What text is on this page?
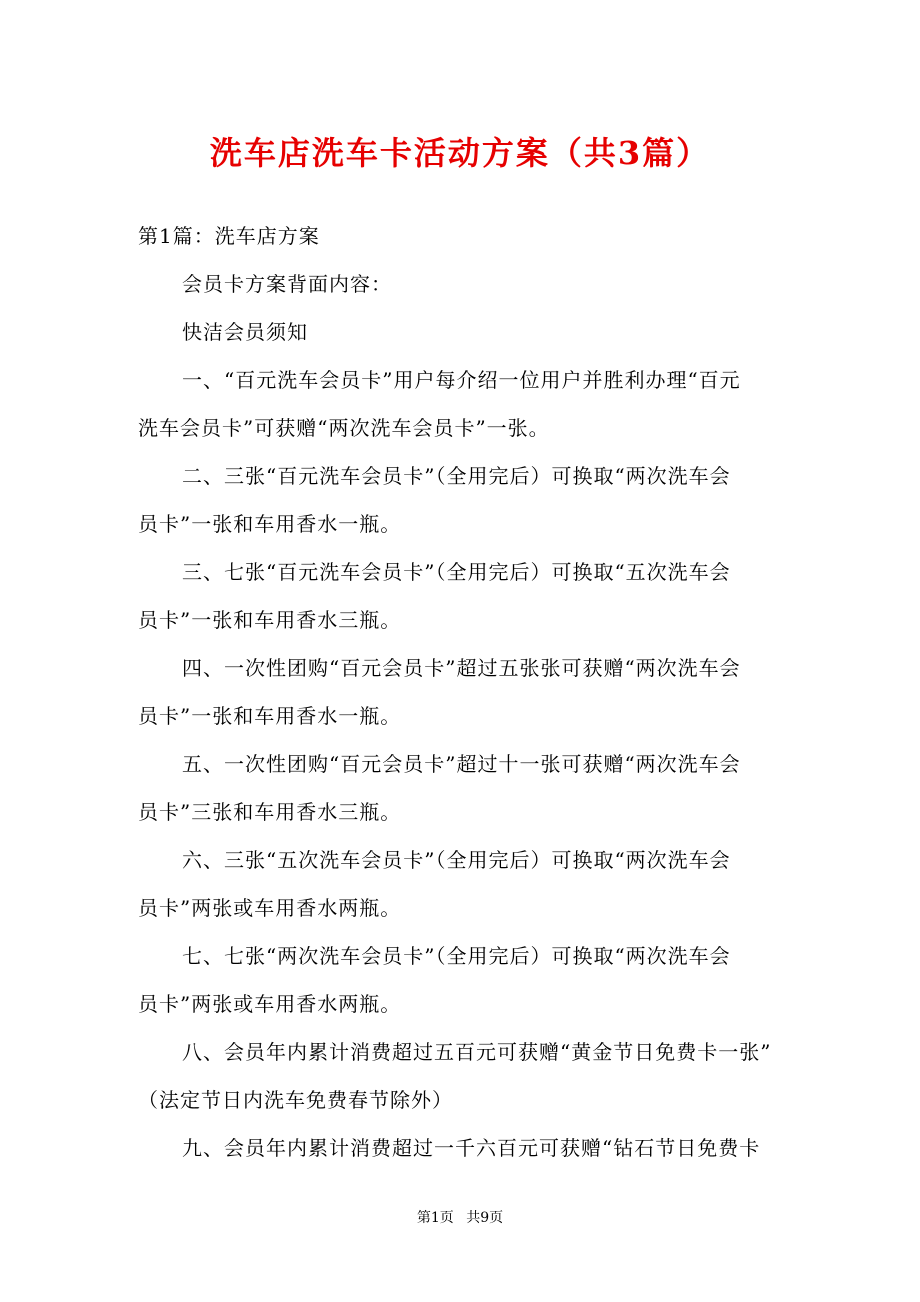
洗车店洗车卡活动方案（共3篇）
第1篇：洗车店方案
会员卡方案背面内容：
快洁会员须知
一、“百元洗车会员卡”用户每介绍一位用户并胜利办理“百元
洗车会员卡”可获赠“两次洗车会员卡”一张。
二、三张“百元洗车会员卡”（全用完后）可换取“两次洗车会
员卡”一张和车用香水一瓶。
三、七张“百元洗车会员卡”（全用完后）可换取“五次洗车会
员卡”一张和车用香水三瓶。
四、一次性团购“百元会员卡”超过五张张可获赠“两次洗车会
员卡”一张和车用香水一瓶。
五、一次性团购“百元会员卡”超过十一张可获赠“两次洗车会
员卡”三张和车用香水三瓶。
六、三张“五次洗车会员卡”（全用完后）可换取“两次洗车会
员卡”两张或车用香水两瓶。
七、七张“两次洗车会员卡”（全用完后）可换取“两次洗车会
员卡”两张或车用香水两瓶。
八、会员年内累计消费超过五百元可获赠“黄金节日免费卡一张”
（法定节日内洗车免费春节除外）
九、会员年内累计消费超过一千六百元可获赠“钻石节日免费卡
第1页 共9页
